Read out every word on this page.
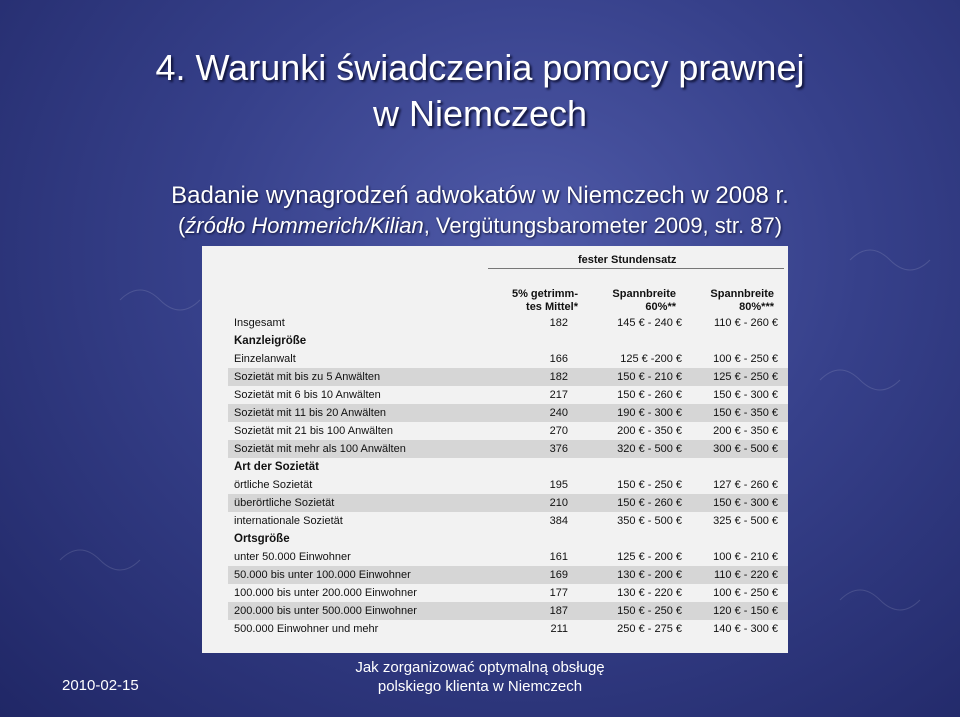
4. Warunki świadczenia pomocy prawnej
w Niemczech
Badanie wynagrodzeń adwokatów w Niemczech w 2008 r.
(źródło Hommerich/Kilian, Vergütungsbarometer 2009, str. 87)
fester Stundensatz
5% getrimm-
tes Mittel*
Spannbreite
60%**
Spannbreite
80%***
Insgesamt	182	145 € - 240 €	110 € - 260 €
Kanzleigröße
Einzelanwalt	166	125 € -200 €	100 € - 250 €
Sozietät mit bis zu 5 Anwälten	182	150 € - 210 €	125 € - 250 €
Sozietät mit 6 bis 10 Anwälten	217	150 € - 260 €	150 € - 300 €
Sozietät mit 11 bis 20 Anwälten	240	190 € - 300 €	150 € - 350 €
Sozietät mit 21 bis 100 Anwälten	270	200 € - 350 €	200 € - 350 €
Sozietät mit mehr als 100 Anwälten	376	320 € - 500 €	300 € - 500 €
Art der Sozietät
örtliche Sozietät	195	150 € - 250 €	127 € - 260 €
überörtliche Sozietät	210	150 € - 260 €	150 € - 300 €
internationale Sozietät	384	350 € - 500 €	325 € - 500 €
Ortsgröße
unter 50.000 Einwohner	161	125 € - 200 €	100 € - 210 €
50.000 bis unter 100.000 Einwohner	169	130 € - 200 €	110 € - 220 €
100.000 bis unter 200.000 Einwohner	177	130 € - 220 €	100 € - 250 €
200.000 bis unter 500.000 Einwohner	187	150 € - 250 €	120 € - 150 €
500.000 Einwohner und mehr	211	250 € - 275 €	140 € - 300 €
2010-02-15
Jak zorganizować optymalną obsługę
polskiego klienta w Niemczech
